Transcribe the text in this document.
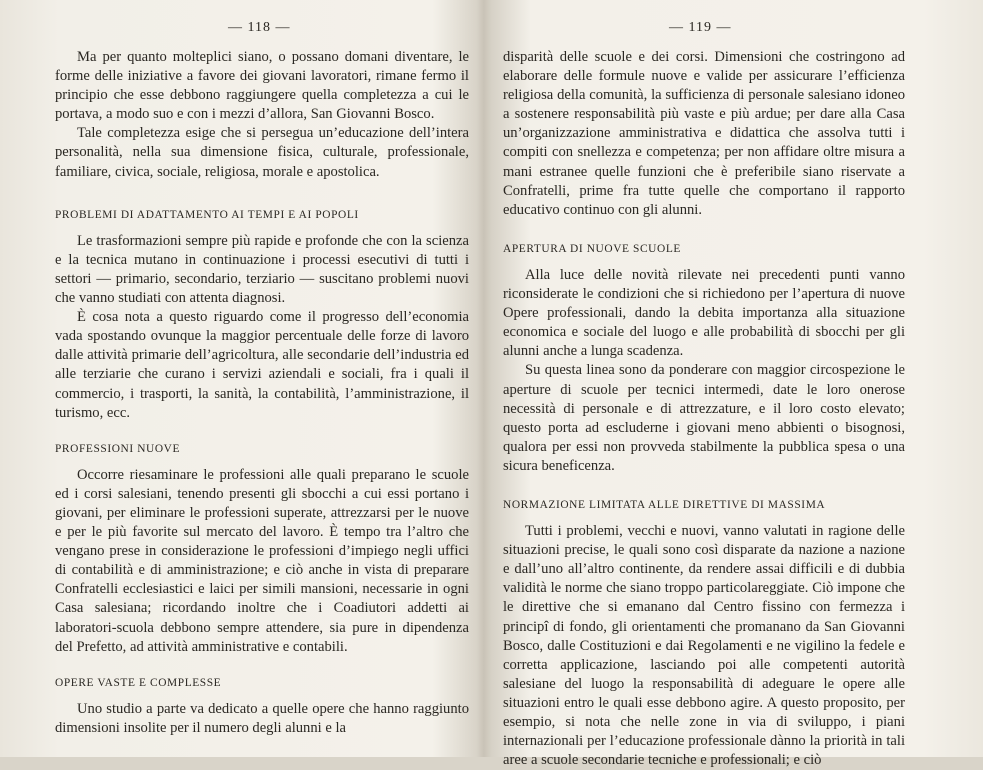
— 118 —

Ma per quanto molteplici siano, o possano domani diventare, le forme delle iniziative a favore dei giovani lavoratori, rimane fermo il principio che esse debbono raggiungere quella completezza a cui le portava, a modo suo e con i mezzi d’allora, San Giovanni Bosco.

Tale completezza esige che si persegua un’educazione dell’intera personalità, nella sua dimensione fisica, culturale, professionale, familiare, civica, sociale, religiosa, morale e apostolica.

PROBLEMI DI ADATTAMENTO AI TEMPI E AI POPOLI

Le trasformazioni sempre più rapide e profonde che con la scienza e la tecnica mutano in continuazione i processi esecutivi di tutti i settori — primario, secondario, terziario — suscitano problemi nuovi che vanno studiati con attenta diagnosi.

È cosa nota a questo riguardo come il progresso dell’economia vada spostando ovunque la maggior percentuale delle forze di lavoro dalle attività primarie dell’agricoltura, alle secondarie dell’industria ed alle terziarie che curano i servizi aziendali e sociali, fra i quali il commercio, i trasporti, la sanità, la contabilità, l’amministrazione, il turismo, ecc.

PROFESSIONI NUOVE

Occorre riesaminare le professioni alle quali preparano le scuole ed i corsi salesiani, tenendo presenti gli sbocchi a cui essi portano i giovani, per eliminare le professioni superate, attrezzarsi per le nuove e per le più favorite sul mercato del lavoro. È tempo tra l’altro che vengano prese in considerazione le professioni d’impiego negli uffici di contabilità e di amministrazione; e ciò anche in vista di preparare Confratelli ecclesiastici e laici per simili mansioni, necessarie in ogni Casa salesiana; ricordando inoltre che i Coadiutori addetti ai laboratori-scuola debbono sempre attendere, sia pure in dipendenza del Prefetto, ad attività amministrative e contabili.

OPERE VASTE E COMPLESSE

Uno studio a parte va dedicato a quelle opere che hanno raggiunto dimensioni insolite per il numero degli alunni e la

— 119 —

disparità delle scuole e dei corsi. Dimensioni che costringono ad elaborare delle formule nuove e valide per assicurare l’efficienza religiosa della comunità, la sufficienza di personale salesiano idoneo a sostenere responsabilità più vaste e più ardue; per dare alla Casa un’organizzazione amministrativa e didattica che assolva tutti i compiti con snellezza e competenza; per non affidare oltre misura a mani estranee quelle funzioni che è preferibile siano riservate a Confratelli, prime fra tutte quelle che comportano il rapporto educativo continuo con gli alunni.

APERTURA DI NUOVE SCUOLE

Alla luce delle novità rilevate nei precedenti punti vanno riconsiderate le condizioni che si richiedono per l’apertura di nuove Opere professionali, dando la debita importanza alla situazione economica e sociale del luogo e alle probabilità di sbocchi per gli alunni anche a lunga scadenza.

Su questa linea sono da ponderare con maggior circospezione le aperture di scuole per tecnici intermedi, date le loro onerose necessità di personale e di attrezzature, e il loro costo elevato; questo porta ad escluderne i giovani meno abbienti o bisognosi, qualora per essi non provveda stabilmente la pubblica spesa o una sicura beneficenza.

NORMAZIONE LIMITATA ALLE DIRETTIVE DI MASSIMA

Tutti i problemi, vecchi e nuovi, vanno valutati in ragione delle situazioni precise, le quali sono così disparate da nazione a nazione e dall’uno all’altro continente, da rendere assai difficili e di dubbia validità le norme che siano troppo particolareggiate. Ciò impone che le direttive che si emanano dal Centro fissino con fermezza i principî di fondo, gli orientamenti che promanano da San Giovanni Bosco, dalle Costituzioni e dai Regolamenti e ne vigilino la fedele e corretta applicazione, lasciando poi alle competenti autorità salesiane del luogo la responsabilità di adeguare le opere alle situazioni entro le quali esse debbono agire. A questo proposito, per esempio, si nota che nelle zone in via di sviluppo, i piani internazionali per l’educazione professionale dànno la priorità in tali aree a scuole secondarie tecniche e professionali; e ciò
